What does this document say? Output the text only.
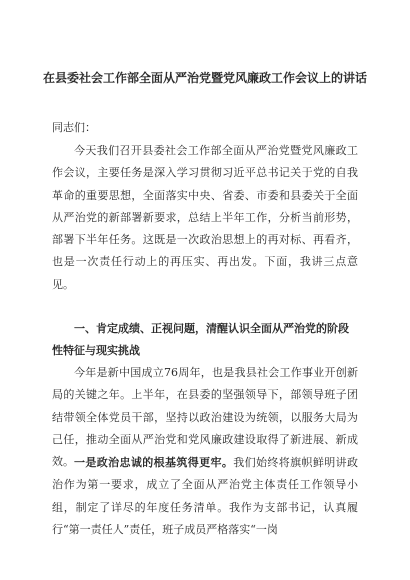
在县委社会工作部全面从严治党暨党风廉政工作会议上的讲话
同志们：
今天我们召开县委社会工作部全面从严治党暨党风廉政工作会议，主要任务是深入学习贯彻习近平总书记关于党的自我革命的重要思想，全面落实中央、省委、市委和县委关于全面从严治党的新部署新要求，总结上半年工作，分析当前形势，部署下半年任务。这既是一次政治思想上的再对标、再看齐，也是一次责任行动上的再压实、再出发。下面，我讲三点意见。
一、肯定成绩、正视问题，清醒认识全面从严治党的阶段性特征与现实挑战
今年是新中国成立76周年，也是我县社会工作事业开创新局的关键之年。上半年，在县委的坚强领导下，部领导班子团结带领全体党员干部，坚持以政治建设为统领，以服务大局为己任，推动全面从严治党和党风廉政建设取得了新进展、新成效。 一是政治忠诚的根基筑得更牢。我们始终将旗帜鲜明讲政治作为第一要求，成立了全面从严治党主体责任工作领导小组，制定了详尽的年度任务清单。我作为支部书记，认真履行“第一责任人”责任，班子成员严格落实“一岗
